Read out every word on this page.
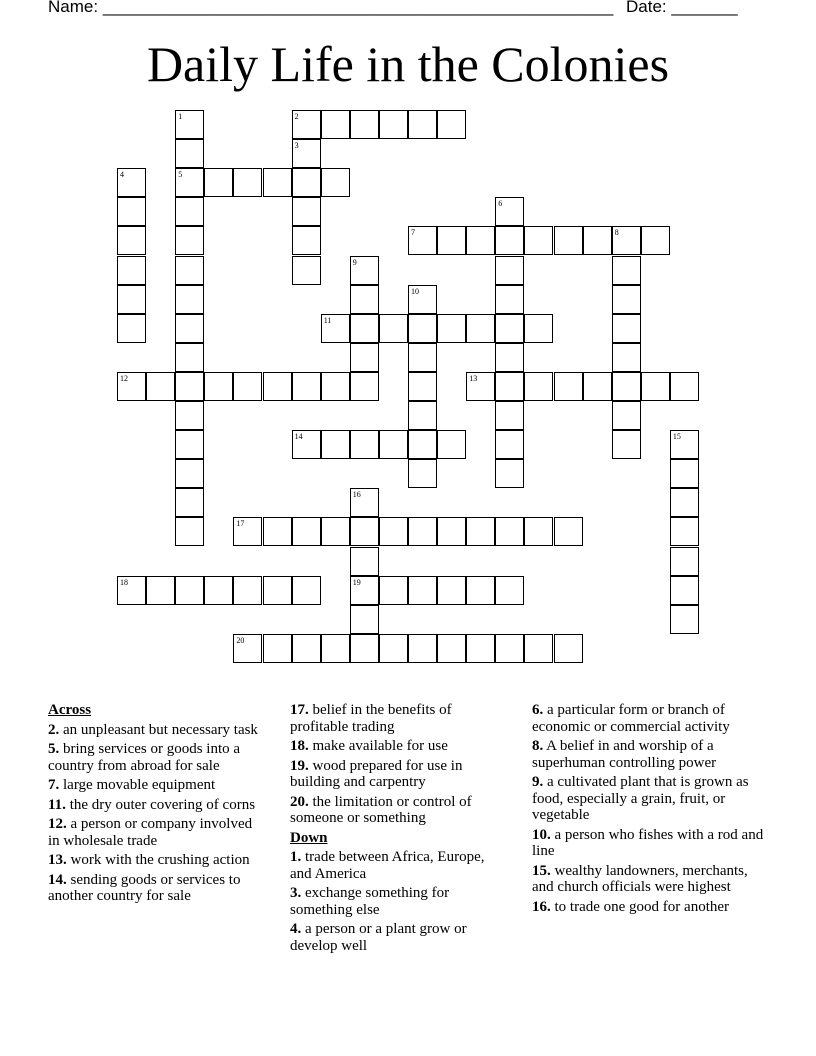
Name: ______________________________________________________ Date: _______
Daily Life in the Colonies
1
5
2
3
4
6
7	8
9
10
11
12	13
14	15
16
19
17
18
20
Across
2. an unpleasant but necessary task
5. bring services or goods into a country from abroad for sale
7. large movable equipment
11. the dry outer covering of corns
12. a person or company involved in wholesale trade
13. work with the crushing action
14. sending goods or services to another country for sale
17. belief in the benefits of profitable trading
18. make available for use
19. wood prepared for use in building and carpentry
20. the limitation or control of someone or something
Down
1. trade between Africa, Europe, and America
3. exchange something for something else
4. a person or a plant grow or develop well
6. a particular form or branch of economic or commercial activity
8. A belief in and worship of a superhuman controlling power
9. a cultivated plant that is grown as food, especially a grain, fruit, or vegetable
10. a person who fishes with a rod and line
15. wealthy landowners, merchants, and church officials were highest
16. to trade one good for another
